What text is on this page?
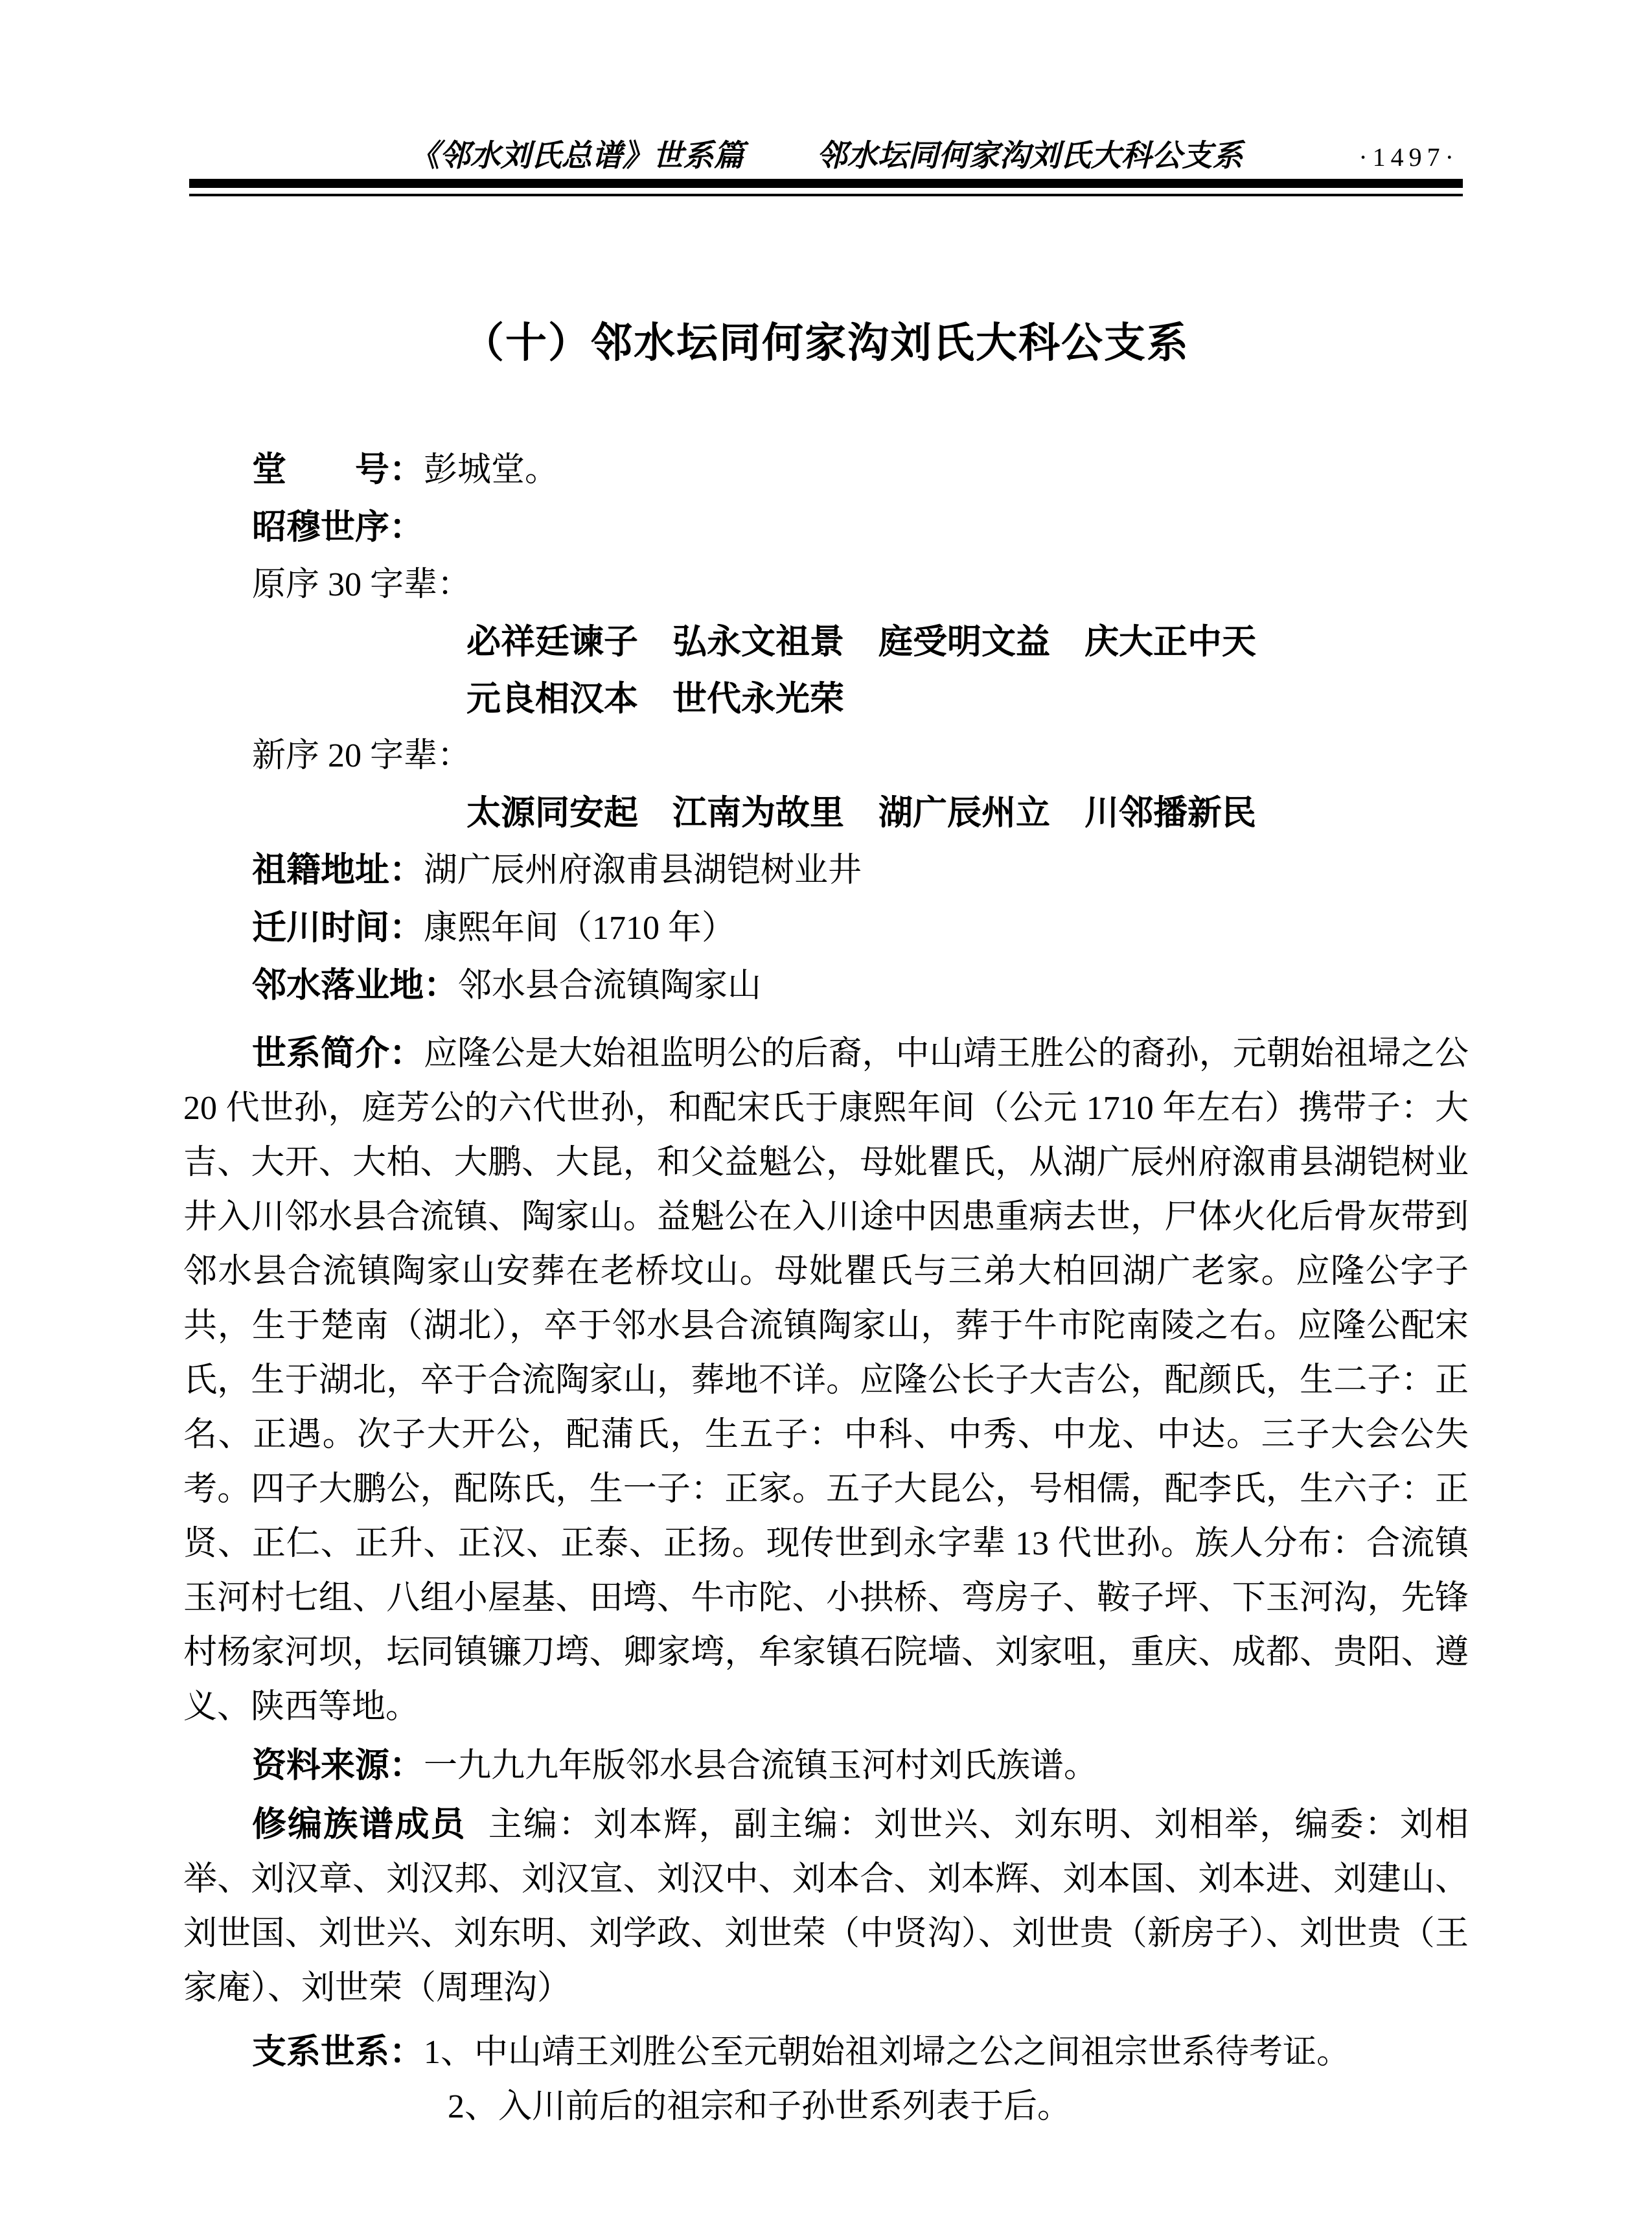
《邻水刘氏总谱》世系篇 邻水坛同何家沟刘氏大科公支系	·1497·
（十）邻水坛同何家沟刘氏大科公支系

堂　　号：彭城堂。

昭穆世序：

原序 30 字辈：

必祥廷谏子　弘永文祖景　庭受明文益　庆大正中天
元良相汉本　世代永光荣

新序 20 字辈：

太源同安起　江南为故里　湖广辰州立　川邻播新民

祖籍地址：湖广辰州府溆甫县湖铠树业井

迁川时间：康熙年间（1710 年）

邻水落业地：邻水县合流镇陶家山

世系简介：应隆公是大始祖监明公的后裔，中山靖王胜公的裔孙，元朝始祖埽之公 20 代世孙，庭芳公的六代世孙，和配宋氏于康熙年间（公元 1710 年左右）携带子：大吉、大开、大柏、大鹏、大昆，和父益魁公，母妣瞿氏，从湖广辰州府溆甫县湖铠树业井入川邻水县合流镇、陶家山。益魁公在入川途中因患重病去世，尸体火化后骨灰带到邻水县合流镇陶家山安葬在老桥坟山。母妣瞿氏与三弟大柏回湖广老家。应隆公字子共，生于楚南（湖北），卒于邻水县合流镇陶家山，葬于牛市陀南陵之右。应隆公配宋氏，生于湖北，卒于合流陶家山，葬地不详。应隆公长子大吉公，配颜氏，生二子：正名、正遇。次子大开公，配蒲氏，生五子：中科、中秀、中龙、中达。三子大会公失考。四子大鹏公，配陈氏，生一子：正家。五子大昆公，号相儒，配李氏，生六子：正贤、正仁、正升、正汉、正泰、正扬。现传世到永字辈 13 代世孙。族人分布：合流镇玉河村七组、八组小屋基、田塆、牛市陀、小拱桥、弯房子、鞍子坪、下玉河沟，先锋村杨家河坝，坛同镇镰刀塆、卿家塆，牟家镇石院墙、刘家咀，重庆、成都、贵阳、遵义、陕西等地。

资料来源：一九九九年版邻水县合流镇玉河村刘氏族谱。

修编族谱成员 主编：刘本辉，副主编：刘世兴、刘东明、刘相举，编委：刘相举、刘汉章、刘汉邦、刘汉宣、刘汉中、刘本合、刘本辉、刘本国、刘本进、刘建山、刘世国、刘世兴、刘东明、刘学政、刘世荣（中贤沟）、刘世贵（新房子）、刘世贵（王家庵）、刘世荣（周理沟）

支系世系：1、中山靖王刘胜公至元朝始祖刘埽之公之间祖宗世系待考证。

2、入川前后的祖宗和子孙世系列表于后。
